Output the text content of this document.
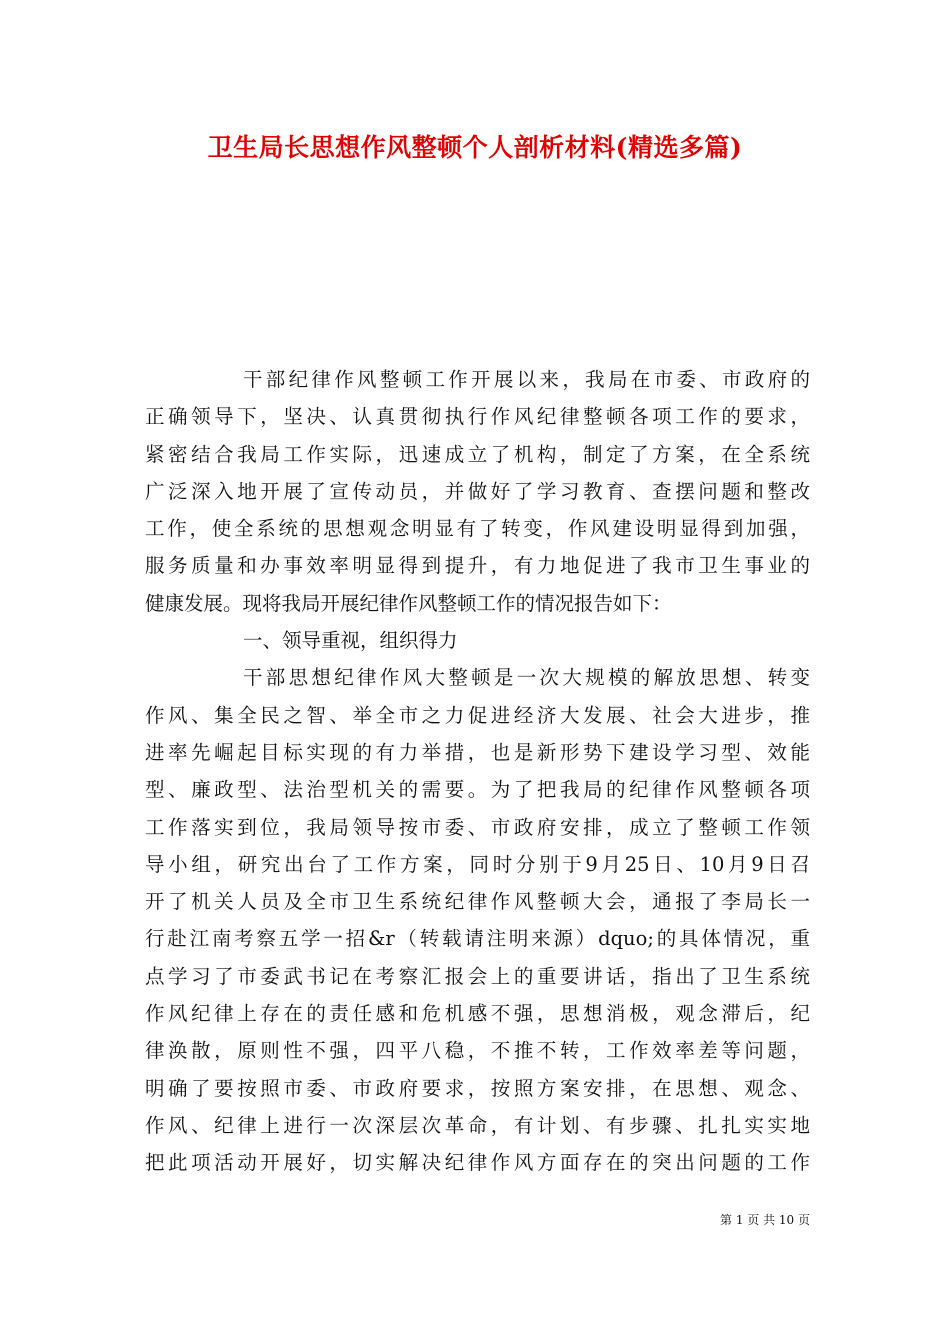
卫生局长思想作风整顿个人剖析材料(精选多篇)
干部纪律作风整顿工作开展以来，我局在市委、市政府的
正确领导下，坚决、认真贯彻执行作风纪律整顿各项工作的要求，
紧密结合我局工作实际，迅速成立了机构，制定了方案，在全系统
广泛深入地开展了宣传动员，并做好了学习教育、查摆问题和整改
工作，使全系统的思想观念明显有了转变，作风建设明显得到加强，
服务质量和办事效率明显得到提升，有力地促进了我市卫生事业的
健康发展。现将我局开展纪律作风整顿工作的情况报告如下：
一、领导重视，组织得力
干部思想纪律作风大整顿是一次大规模的解放思想、转变
作风、集全民之智、举全市之力促进经济大发展、社会大进步，推
进率先崛起目标实现的有力举措，也是新形势下建设学习型、效能
型、廉政型、法治型机关的需要。为了把我局的纪律作风整顿各项
工作落实到位，我局领导按市委、市政府安排，成立了整顿工作领
导小组，研究出台了工作方案，同时分别于9月25日、10月9日召
开了机关人员及全市卫生系统纪律作风整顿大会，通报了李局长一
行赴江南考察五学一招&r（转载请注明来源）dquo;的具体情况，重
点学习了市委武书记在考察汇报会上的重要讲话，指出了卫生系统
作风纪律上存在的责任感和危机感不强，思想消极，观念滞后，纪
律涣散，原则性不强，四平八稳，不推不转，工作效率差等问题，
明确了要按照市委、市政府要求，按照方案安排，在思想、观念、
作风、纪律上进行一次深层次革命，有计划、有步骤、扎扎实实地
把此项活动开展好，切实解决纪律作风方面存在的突出问题的工作
第 1 页 共 10 页
